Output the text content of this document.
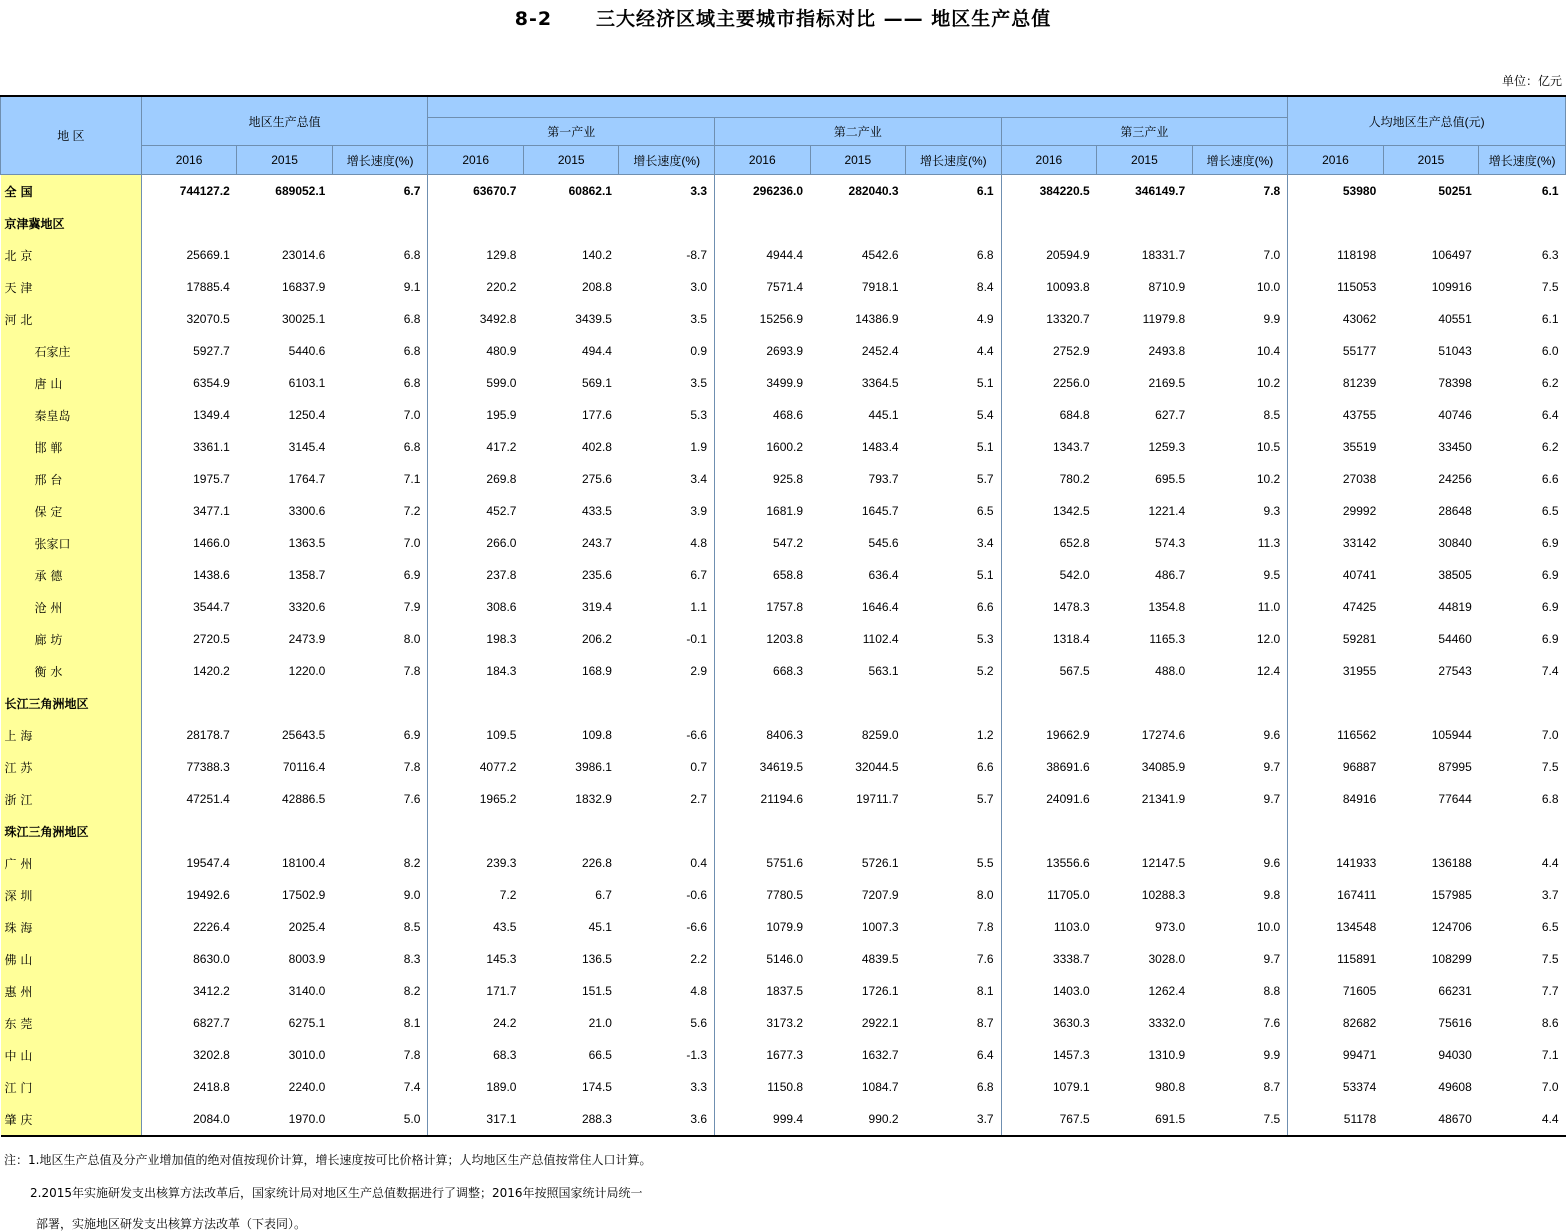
8-2 三大经济区域主要城市指标对比 —— 地区生产总值
单位：亿元
地 区	地区生产总值												人均地区生产总值(元)		
				第一产业			第二产业			第三产业					
	2016	2015	增长速度(%)	2016	2015	增长速度(%)	2016	2015	增长速度(%)	2016	2015	增长速度(%)	2016	2015	增长速度(%)
全 国	744127.2	689052.1	6.7	63670.7	60862.1	3.3	296236.0	282040.3	6.1	384220.5	346149.7	7.8	53980	50251	6.1
京津冀地区															
北 京	25669.1	23014.6	6.8	129.8	140.2	-8.7	4944.4	4542.6	6.8	20594.9	18331.7	7.0	118198	106497	6.3
天 津	17885.4	16837.9	9.1	220.2	208.8	3.0	7571.4	7918.1	8.4	10093.8	8710.9	10.0	115053	109916	7.5
河 北	32070.5	30025.1	6.8	3492.8	3439.5	3.5	15256.9	14386.9	4.9	13320.7	11979.8	9.9	43062	40551	6.1
石家庄	5927.7	5440.6	6.8	480.9	494.4	0.9	2693.9	2452.4	4.4	2752.9	2493.8	10.4	55177	51043	6.0
唐 山	6354.9	6103.1	6.8	599.0	569.1	3.5	3499.9	3364.5	5.1	2256.0	2169.5	10.2	81239	78398	6.2
秦皇岛	1349.4	1250.4	7.0	195.9	177.6	5.3	468.6	445.1	5.4	684.8	627.7	8.5	43755	40746	6.4
邯 郸	3361.1	3145.4	6.8	417.2	402.8	1.9	1600.2	1483.4	5.1	1343.7	1259.3	10.5	35519	33450	6.2
邢 台	1975.7	1764.7	7.1	269.8	275.6	3.4	925.8	793.7	5.7	780.2	695.5	10.2	27038	24256	6.6
保 定	3477.1	3300.6	7.2	452.7	433.5	3.9	1681.9	1645.7	6.5	1342.5	1221.4	9.3	29992	28648	6.5
张家口	1466.0	1363.5	7.0	266.0	243.7	4.8	547.2	545.6	3.4	652.8	574.3	11.3	33142	30840	6.9
承 德	1438.6	1358.7	6.9	237.8	235.6	6.7	658.8	636.4	5.1	542.0	486.7	9.5	40741	38505	6.9
沧 州	3544.7	3320.6	7.9	308.6	319.4	1.1	1757.8	1646.4	6.6	1478.3	1354.8	11.0	47425	44819	6.9
廊 坊	2720.5	2473.9	8.0	198.3	206.2	-0.1	1203.8	1102.4	5.3	1318.4	1165.3	12.0	59281	54460	6.9
衡 水	1420.2	1220.0	7.8	184.3	168.9	2.9	668.3	563.1	5.2	567.5	488.0	12.4	31955	27543	7.4
长江三角洲地区															
上 海	28178.7	25643.5	6.9	109.5	109.8	-6.6	8406.3	8259.0	1.2	19662.9	17274.6	9.6	116562	105944	7.0
江 苏	77388.3	70116.4	7.8	4077.2	3986.1	0.7	34619.5	32044.5	6.6	38691.6	34085.9	9.7	96887	87995	7.5
浙 江	47251.4	42886.5	7.6	1965.2	1832.9	2.7	21194.6	19711.7	5.7	24091.6	21341.9	9.7	84916	77644	6.8
珠江三角洲地区															
广 州	19547.4	18100.4	8.2	239.3	226.8	0.4	5751.6	5726.1	5.5	13556.6	12147.5	9.6	141933	136188	4.4
深 圳	19492.6	17502.9	9.0	7.2	6.7	-0.6	7780.5	7207.9	8.0	11705.0	10288.3	9.8	167411	157985	3.7
珠 海	2226.4	2025.4	8.5	43.5	45.1	-6.6	1079.9	1007.3	7.8	1103.0	973.0	10.0	134548	124706	6.5
佛 山	8630.0	8003.9	8.3	145.3	136.5	2.2	5146.0	4839.5	7.6	3338.7	3028.0	9.7	115891	108299	7.5
惠 州	3412.2	3140.0	8.2	171.7	151.5	4.8	1837.5	1726.1	8.1	1403.0	1262.4	8.8	71605	66231	7.7
东 莞	6827.7	6275.1	8.1	24.2	21.0	5.6	3173.2	2922.1	8.7	3630.3	3332.0	7.6	82682	75616	8.6
中 山	3202.8	3010.0	7.8	68.3	66.5	-1.3	1677.3	1632.7	6.4	1457.3	1310.9	9.9	99471	94030	7.1
江 门	2418.8	2240.0	7.4	189.0	174.5	3.3	1150.8	1084.7	6.8	1079.1	980.8	8.7	53374	49608	7.0
肇 庆	2084.0	1970.0	5.0	317.1	288.3	3.6	999.4	990.2	3.7	767.5	691.5	7.5	51178	48670	4.4
注：1.地区生产总值及分产业增加值的绝对值按现价计算，增长速度按可比价格计算；人均地区生产总值按常住人口计算。
2.2015年实施研发支出核算方法改革后，国家统计局对地区生产总值数据进行了调整；2016年按照国家统计局统一
部署，实施地区研发支出核算方法改革（下表同）。
